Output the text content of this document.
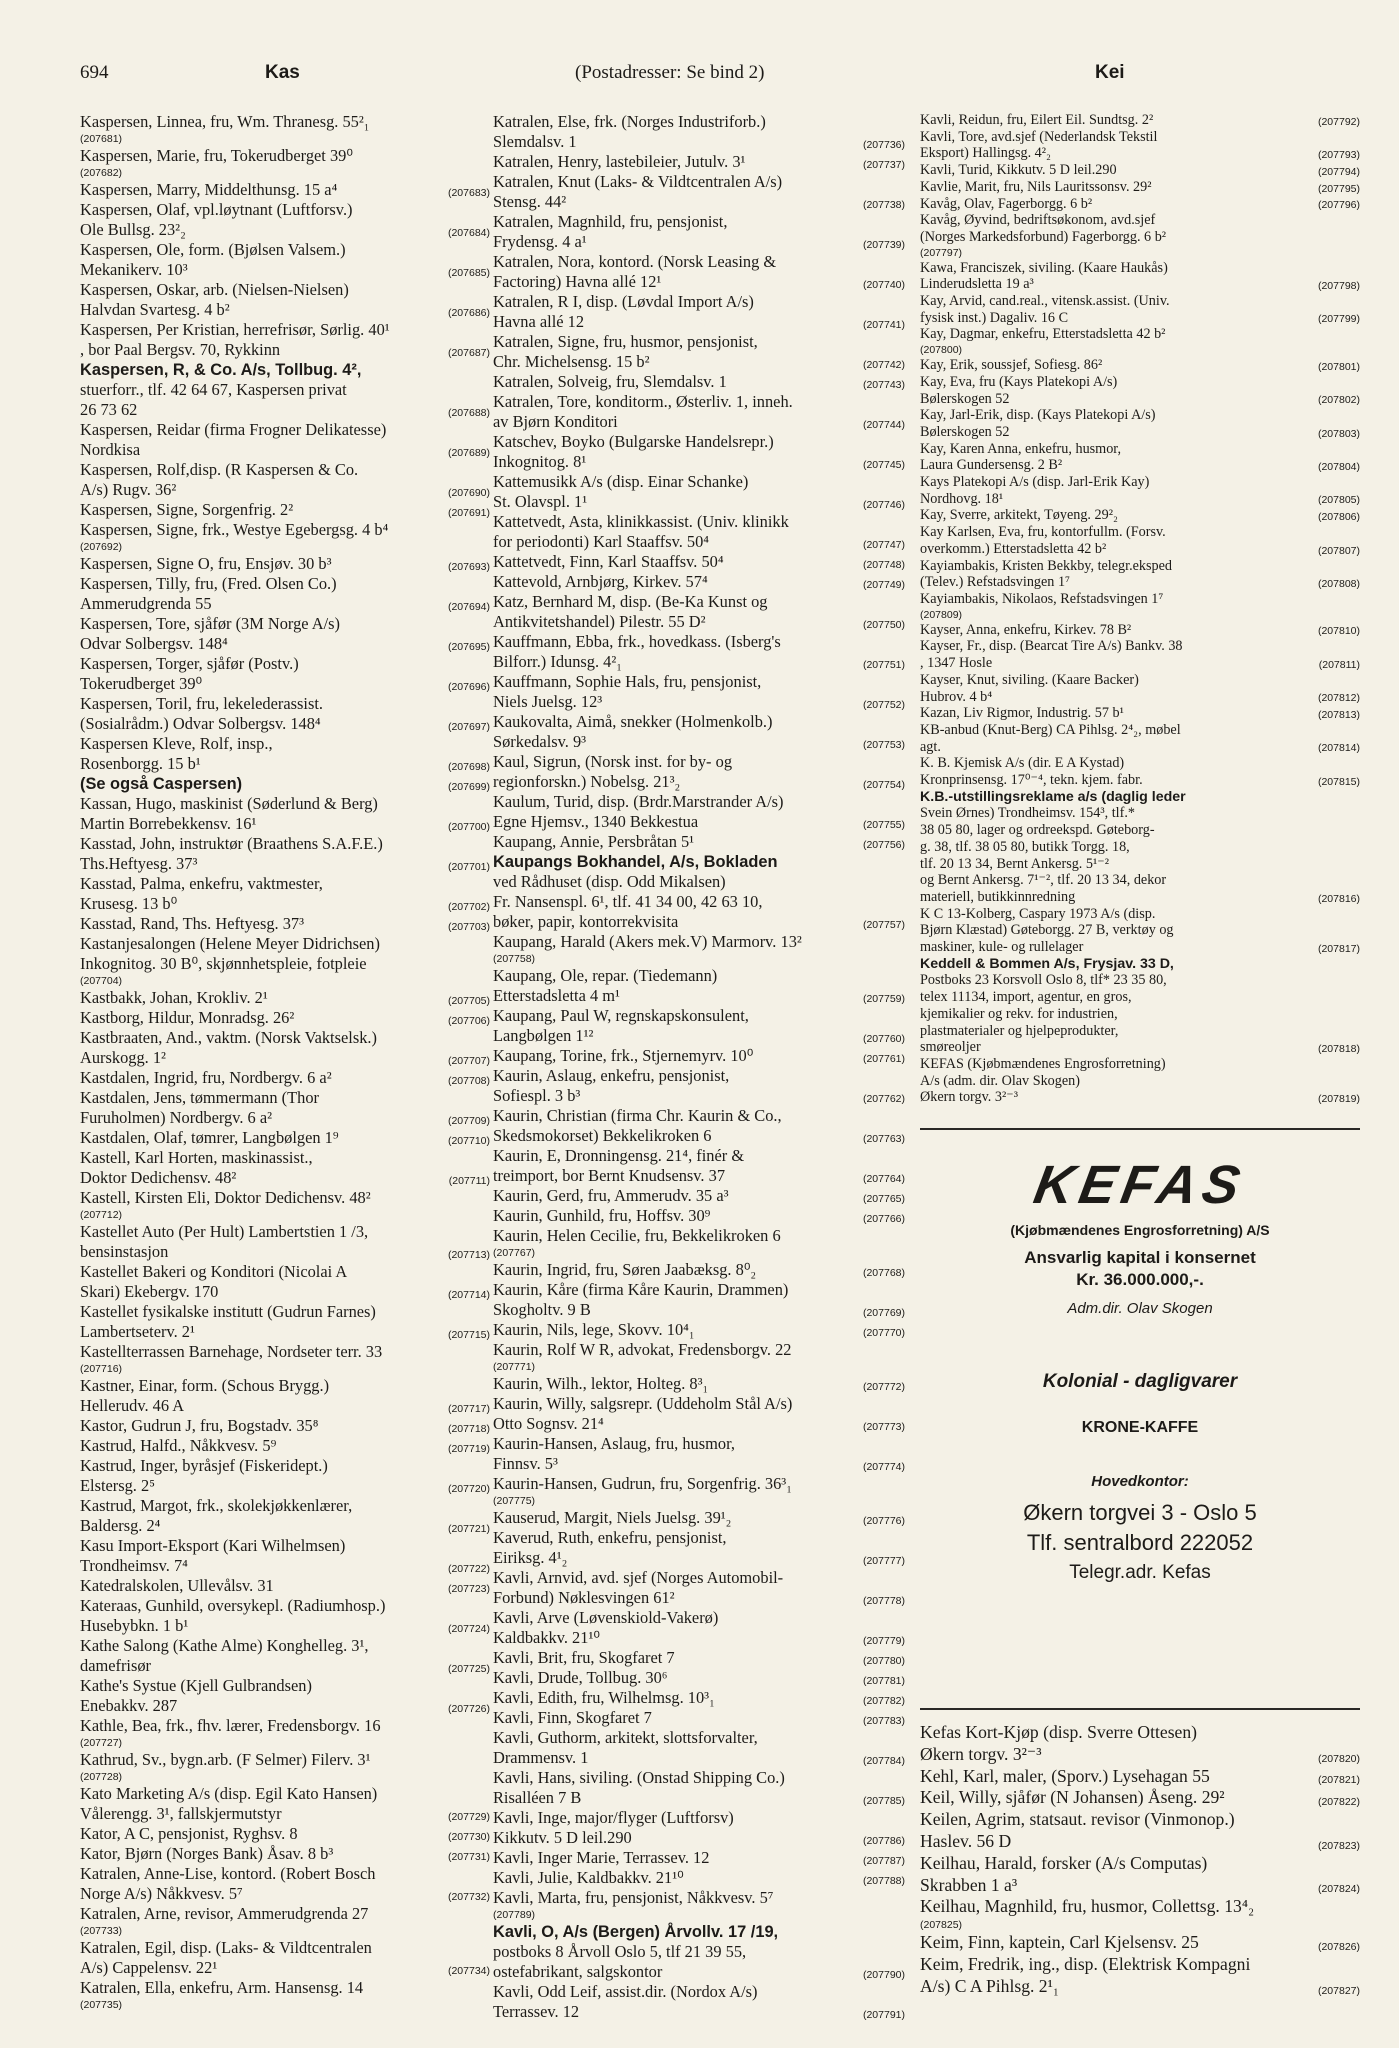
694	Kas	(Postadresser: Se bind 2)	Kei
Kaspersen, Linnea, fru, Wm. Thranesg. 55²₁
(207681)
Kaspersen, Marie, fru, Tokerudberget 39⁰
(207682)
Kaspersen, Marry, Middelthunsg. 15 a⁴	(207683)
Kaspersen, Olaf, vpl.løytnant (Luftforsv.)
Ole Bullsg. 23²₂	(207684)
Kaspersen, Ole, form. (Bjølsen Valsem.)
Mekanikerv. 10³	(207685)
Kaspersen, Oskar, arb. (Nielsen-Nielsen)
Halvdan Svartesg. 4 b²	(207686)
Kaspersen, Per Kristian, herrefrisør, Sørlig. 40¹
, bor Paal Bergsv. 70, Rykkinn	(207687)
Kaspersen, R, & Co. A/s, Tollbug. 4²,
stuerforr., tlf. 42 64 67, Kaspersen privat
26 73 62	(207688)
Kaspersen, Reidar (firma Frogner Delikatesse)
Nordkisa	(207689)
Kaspersen, Rolf,disp. (R Kaspersen & Co.
A/s) Rugv. 36²	(207690)
Kaspersen, Signe, Sorgenfrig. 2²	(207691)
Kaspersen, Signe, frk., Westye Egebergsg. 4 b⁴
(207692)
Kaspersen, Signe O, fru, Ensjøv. 30 b³	(207693)
Kaspersen, Tilly, fru, (Fred. Olsen Co.)
Ammerudgrenda 55	(207694)
Kaspersen, Tore, sjåfør (3M Norge A/s)
Odvar Solbergsv. 148⁴	(207695)
Kaspersen, Torger, sjåfør (Postv.)
Tokerudberget 39⁰	(207696)
Kaspersen, Toril, fru, lekelederassist.
(Sosialrådm.) Odvar Solbergsv. 148⁴	(207697)
Kaspersen Kleve, Rolf, insp.,
Rosenborgg. 15 b¹	(207698)
(Se også Caspersen)	(207699)
Kassan, Hugo, maskinist (Søderlund & Berg)
Martin Borrebekkensv. 16¹	(207700)
Kasstad, John, instruktør (Braathens S.A.F.E.)
Ths.Heftyesg. 37³	(207701)
Kasstad, Palma, enkefru, vaktmester,
Krusesg. 13 b⁰	(207702)
Kasstad, Rand, Ths. Heftyesg. 37³	(207703)
Kastanjesalongen (Helene Meyer Didrichsen)
Inkognitog. 30 B⁰, skjønnhetspleie, fotpleie
(207704)
Kastbakk, Johan, Krokliv. 2¹	(207705)
Kastborg, Hildur, Monradsg. 26²	(207706)
Kastbraaten, And., vaktm. (Norsk Vaktselsk.)
Aurskogg. 1²	(207707)
Kastdalen, Ingrid, fru, Nordbergv. 6 a²	(207708)
Kastdalen, Jens, tømmermann (Thor
Furuholmen) Nordbergv. 6 a²	(207709)
Kastdalen, Olaf, tømrer, Langbølgen 1⁹	(207710)
Kastell, Karl Horten, maskinassist.,
Doktor Dedichensv. 48²	(207711)
Kastell, Kirsten Eli, Doktor Dedichensv. 48²
(207712)
Kastellet Auto (Per Hult) Lambertstien 1 /3,
bensinstasjon	(207713)
Kastellet Bakeri og Konditori (Nicolai A
Skari) Ekebergv. 170	(207714)
Kastellet fysikalske institutt (Gudrun Farnes)
Lambertseterv. 2¹	(207715)
Kastellterrassen Barnehage, Nordseter terr. 33
(207716)
Kastner, Einar, form. (Schous Brygg.)
Hellerudv. 46 A	(207717)
Kastor, Gudrun J, fru, Bogstadv. 35⁸	(207718)
Kastrud, Halfd., Nåkkvesv. 5⁹	(207719)
Kastrud, Inger, byråsjef (Fiskeridept.)
Elstersg. 2⁵	(207720)
Kastrud, Margot, frk., skolekjøkkenlærer,
Baldersg. 2⁴	(207721)
Kasu Import-Eksport (Kari Wilhelmsen)
Trondheimsv. 7⁴	(207722)
Katedralskolen, Ullevålsv. 31	(207723)
Kateraas, Gunhild, oversykepl. (Radiumhosp.)
Husebybkn. 1 b¹	(207724)
Kathe Salong (Kathe Alme) Konghelleg. 3¹,
damefrisør	(207725)
Kathe's Systue (Kjell Gulbrandsen)
Enebakkv. 287	(207726)
Kathle, Bea, frk., fhv. lærer, Fredensborgv. 16
(207727)
Kathrud, Sv., bygn.arb. (F Selmer) Filerv. 3¹
(207728)
Kato Marketing A/s (disp. Egil Kato Hansen)
Vålerengg. 3¹, fallskjermutstyr	(207729)
Kator, A C, pensjonist, Ryghsv. 8	(207730)
Kator, Bjørn (Norges Bank) Åsav. 8 b³	(207731)
Katralen, Anne-Lise, kontord. (Robert Bosch
Norge A/s) Nåkkvesv. 5⁷	(207732)
Katralen, Arne, revisor, Ammerudgrenda 27
(207733)
Katralen, Egil, disp. (Laks- & Vildtcentralen
A/s) Cappelensv. 22¹	(207734)
Katralen, Ella, enkefru, Arm. Hansensg. 14
(207735)
Katralen, Else, frk. (Norges Industriforb.)
Slemdalsv. 1	(207736)
Katralen, Henry, lastebileier, Jutulv. 3¹	(207737)
Katralen, Knut (Laks- & Vildtcentralen A/s)
Stensg. 44²	(207738)
Katralen, Magnhild, fru, pensjonist,
Frydensg. 4 a¹	(207739)
Katralen, Nora, kontord. (Norsk Leasing &
Factoring) Havna allé 12¹	(207740)
Katralen, R I, disp. (Løvdal Import A/s)
Havna allé 12	(207741)
Katralen, Signe, fru, husmor, pensjonist,
Chr. Michelsensg. 15 b²	(207742)
Katralen, Solveig, fru, Slemdalsv. 1	(207743)
Katralen, Tore, konditorm., Østerliv. 1, inneh.
av Bjørn Konditori	(207744)
Katschev, Boyko (Bulgarske Handelsrepr.)
Inkognitog. 8¹	(207745)
Kattemusikk A/s (disp. Einar Schanke)
St. Olavspl. 1¹	(207746)
Kattetvedt, Asta, klinikkassist. (Univ. klinikk
for periodonti) Karl Staaffsv. 50⁴	(207747)
Kattetvedt, Finn, Karl Staaffsv. 50⁴	(207748)
Kattevold, Arnbjørg, Kirkev. 57⁴	(207749)
Katz, Bernhard M, disp. (Be-Ka Kunst og
Antikvitetshandel) Pilestr. 55 D²	(207750)
Kauffmann, Ebba, frk., hovedkass. (Isberg's
Bilforr.) Idunsg. 4²₁	(207751)
Kauffmann, Sophie Hals, fru, pensjonist,
Niels Juelsg. 12³	(207752)
Kaukovalta, Aimå, snekker (Holmenkolb.)
Sørkedalsv. 9³	(207753)
Kaul, Sigrun, (Norsk inst. for by- og
regionforskn.) Nobelsg. 21³₂	(207754)
Kaulum, Turid, disp. (Brdr.Marstrander A/s)
Egne Hjemsv., 1340 Bekkestua	(207755)
Kaupang, Annie, Persbråtan 5¹	(207756)
Kaupangs Bokhandel, A/s, Bokladen
ved Rådhuset (disp. Odd Mikalsen)
Fr. Nansenspl. 6¹, tlf. 41 34 00, 42 63 10,
bøker, papir, kontorrekvisita	(207757)
Kaupang, Harald (Akers mek.V) Marmorv. 13²
(207758)
Kaupang, Ole, repar. (Tiedemann)
Etterstadsletta 4 m¹	(207759)
Kaupang, Paul W, regnskapskonsulent,
Langbølgen 1¹²	(207760)
Kaupang, Torine, frk., Stjernemyrv. 10⁰	(207761)
Kaurin, Aslaug, enkefru, pensjonist,
Sofiespl. 3 b³	(207762)
Kaurin, Christian (firma Chr. Kaurin & Co.,
Skedsmokorset) Bekkelikroken 6	(207763)
Kaurin, E, Dronningensg. 21⁴, finér &
treimport, bor Bernt Knudsensv. 37	(207764)
Kaurin, Gerd, fru, Ammerudv. 35 a³	(207765)
Kaurin, Gunhild, fru, Hoffsv. 30⁹	(207766)
Kaurin, Helen Cecilie, fru, Bekkelikroken 6
(207767)
Kaurin, Ingrid, fru, Søren Jaabæksg. 8⁰₂	(207768)
Kaurin, Kåre (firma Kåre Kaurin, Drammen)
Skogholtv. 9 B	(207769)
Kaurin, Nils, lege, Skovv. 10⁴₁	(207770)
Kaurin, Rolf W R, advokat, Fredensborgv. 22
(207771)
Kaurin, Wilh., lektor, Holteg. 8³₁	(207772)
Kaurin, Willy, salgsrepr. (Uddeholm Stål A/s)
Otto Sognsv. 21⁴	(207773)
Kaurin-Hansen, Aslaug, fru, husmor,
Finnsv. 5³	(207774)
Kaurin-Hansen, Gudrun, fru, Sorgenfrig. 36³₁
(207775)
Kauserud, Margit, Niels Juelsg. 39¹₂	(207776)
Kaverud, Ruth, enkefru, pensjonist,
Eiriksg. 4¹₂	(207777)
Kavli, Arnvid, avd. sjef (Norges Automobil-
Forbund) Nøklesvingen 61²	(207778)
Kavli, Arve (Løvenskiold-Vakerø)
Kaldbakkv. 21¹⁰	(207779)
Kavli, Brit, fru, Skogfaret 7	(207780)
Kavli, Drude, Tollbug. 30⁶	(207781)
Kavli, Edith, fru, Wilhelmsg. 10³₁	(207782)
Kavli, Finn, Skogfaret 7	(207783)
Kavli, Guthorm, arkitekt, slottsforvalter,
Drammensv. 1	(207784)
Kavli, Hans, siviling. (Onstad Shipping Co.)
Risalléen 7 B	(207785)
Kavli, Inge, major/flyger (Luftforsv)
Kikkutv. 5 D leil.290	(207786)
Kavli, Inger Marie, Terrassev. 12	(207787)
Kavli, Julie, Kaldbakkv. 21¹⁰	(207788)
Kavli, Marta, fru, pensjonist, Nåkkvesv. 5⁷
(207789)
Kavli, O, A/s (Bergen) Årvollv. 17 /19,
postboks 8 Årvoll Oslo 5, tlf 21 39 55,
ostefabrikant, salgskontor	(207790)
Kavli, Odd Leif, assist.dir. (Nordox A/s)
Terrassev. 12	(207791)
Kavli, Reidun, fru, Eilert Eil. Sundtsg. 2²	(207792)
Kavli, Tore, avd.sjef (Nederlandsk Tekstil
Eksport) Hallingsg. 4²₂	(207793)
Kavli, Turid, Kikkutv. 5 D leil.290	(207794)
Kavlie, Marit, fru, Nils Lauritssonsv. 29²	(207795)
Kavåg, Olav, Fagerborgg. 6 b²	(207796)
Kavåg, Øyvind, bedriftsøkonom, avd.sjef
(Norges Markedsforbund) Fagerborgg. 6 b²
(207797)
Kawa, Franciszek, siviling. (Kaare Haukås)
Linderudsletta 19 a³	(207798)
Kay, Arvid, cand.real., vitensk.assist. (Univ.
fysisk inst.) Dagaliv. 16 C	(207799)
Kay, Dagmar, enkefru, Etterstadsletta 42 b²
(207800)
Kay, Erik, soussjef, Sofiesg. 86²	(207801)
Kay, Eva, fru (Kays Platekopi A/s)
Bølerskogen 52	(207802)
Kay, Jarl-Erik, disp. (Kays Platekopi A/s)
Bølerskogen 52	(207803)
Kay, Karen Anna, enkefru, husmor,
Laura Gundersensg. 2 B²	(207804)
Kays Platekopi A/s (disp. Jarl-Erik Kay)
Nordhovg. 18¹	(207805)
Kay, Sverre, arkitekt, Tøyeng. 29²₂	(207806)
Kay Karlsen, Eva, fru, kontorfullm. (Forsv.
overkomm.) Etterstadsletta 42 b²	(207807)
Kayiambakis, Kristen Bekkby, telegr.eksped
(Telev.) Refstadsvingen 1⁷	(207808)
Kayiambakis, Nikolaos, Refstadsvingen 1⁷
(207809)
Kayser, Anna, enkefru, Kirkev. 78 B²	(207810)
Kayser, Fr., disp. (Bearcat Tire A/s) Bankv. 38
, 1347 Hosle	(207811)
Kayser, Knut, siviling. (Kaare Backer)
Hubrov. 4 b⁴	(207812)
Kazan, Liv Rigmor, Industrig. 57 b¹	(207813)
KB-anbud (Knut-Berg) CA Pihlsg. 2⁴₂, møbel
agt.	(207814)
K. B. Kjemisk A/s (dir. E A Kystad)
Kronprinsensg. 17⁰⁻⁴, tekn. kjem. fabr.	(207815)
K.B.-utstillingsreklame a/s (daglig leder
Svein Ørnes) Trondheimsv. 154³, tlf.*
38 05 80, lager og ordreekspd. Gøteborg-
g. 38, tlf. 38 05 80, butikk Torgg. 18,
tlf. 20 13 34, Bernt Ankersg. 5¹⁻²
og Bernt Ankersg. 7¹⁻², tlf. 20 13 34, dekor
materiell, butikkinnredning	(207816)
K C 13-Kolberg, Caspary 1973 A/s (disp.
Bjørn Klæstad) Gøteborgg. 27 B, verktøy og
maskiner, kule- og rullelager	(207817)
Keddell & Bommen A/s, Frysjav. 33 D,
Postboks 23 Korsvoll Oslo 8, tlf* 23 35 80,
telex 11134, import, agentur, en gros,
kjemikalier og rekv. for industrien,
plastmaterialer og hjelpeprodukter,
smøreoljer	(207818)
KEFAS (Kjøbmændenes Engrosforretning)
A/s (adm. dir. Olav Skogen)
Økern torgv. 3²⁻³	(207819)
KEFAS
(Kjøbmændenes Engrosforretning) A/S
Ansvarlig kapital i konsernet
Kr. 36.000.000,-.
Adm.dir. Olav Skogen
Kolonial - dagligvarer
KRONE-KAFFE
Hovedkontor:
Økern torgvei 3 - Oslo 5
Tlf. sentralbord 222052
Telegr.adr. Kefas
Kefas Kort-Kjøp (disp. Sverre Ottesen)
Økern torgv. 3²⁻³	(207820)
Kehl, Karl, maler, (Sporv.) Lysehagan 55	(207821)
Keil, Willy, sjåfør (N Johansen) Åseng. 29²	(207822)
Keilen, Agrim, statsaut. revisor (Vinmonop.)
Haslev. 56 D	(207823)
Keilhau, Harald, forsker (A/s Computas)
Skrabben 1 a³	(207824)
Keilhau, Magnhild, fru, husmor, Collettsg. 13⁴₂
(207825)
Keim, Finn, kaptein, Carl Kjelsensv. 25	(207826)
Keim, Fredrik, ing., disp. (Elektrisk Kompagni
A/s) C A Pihlsg. 2¹₁	(207827)
